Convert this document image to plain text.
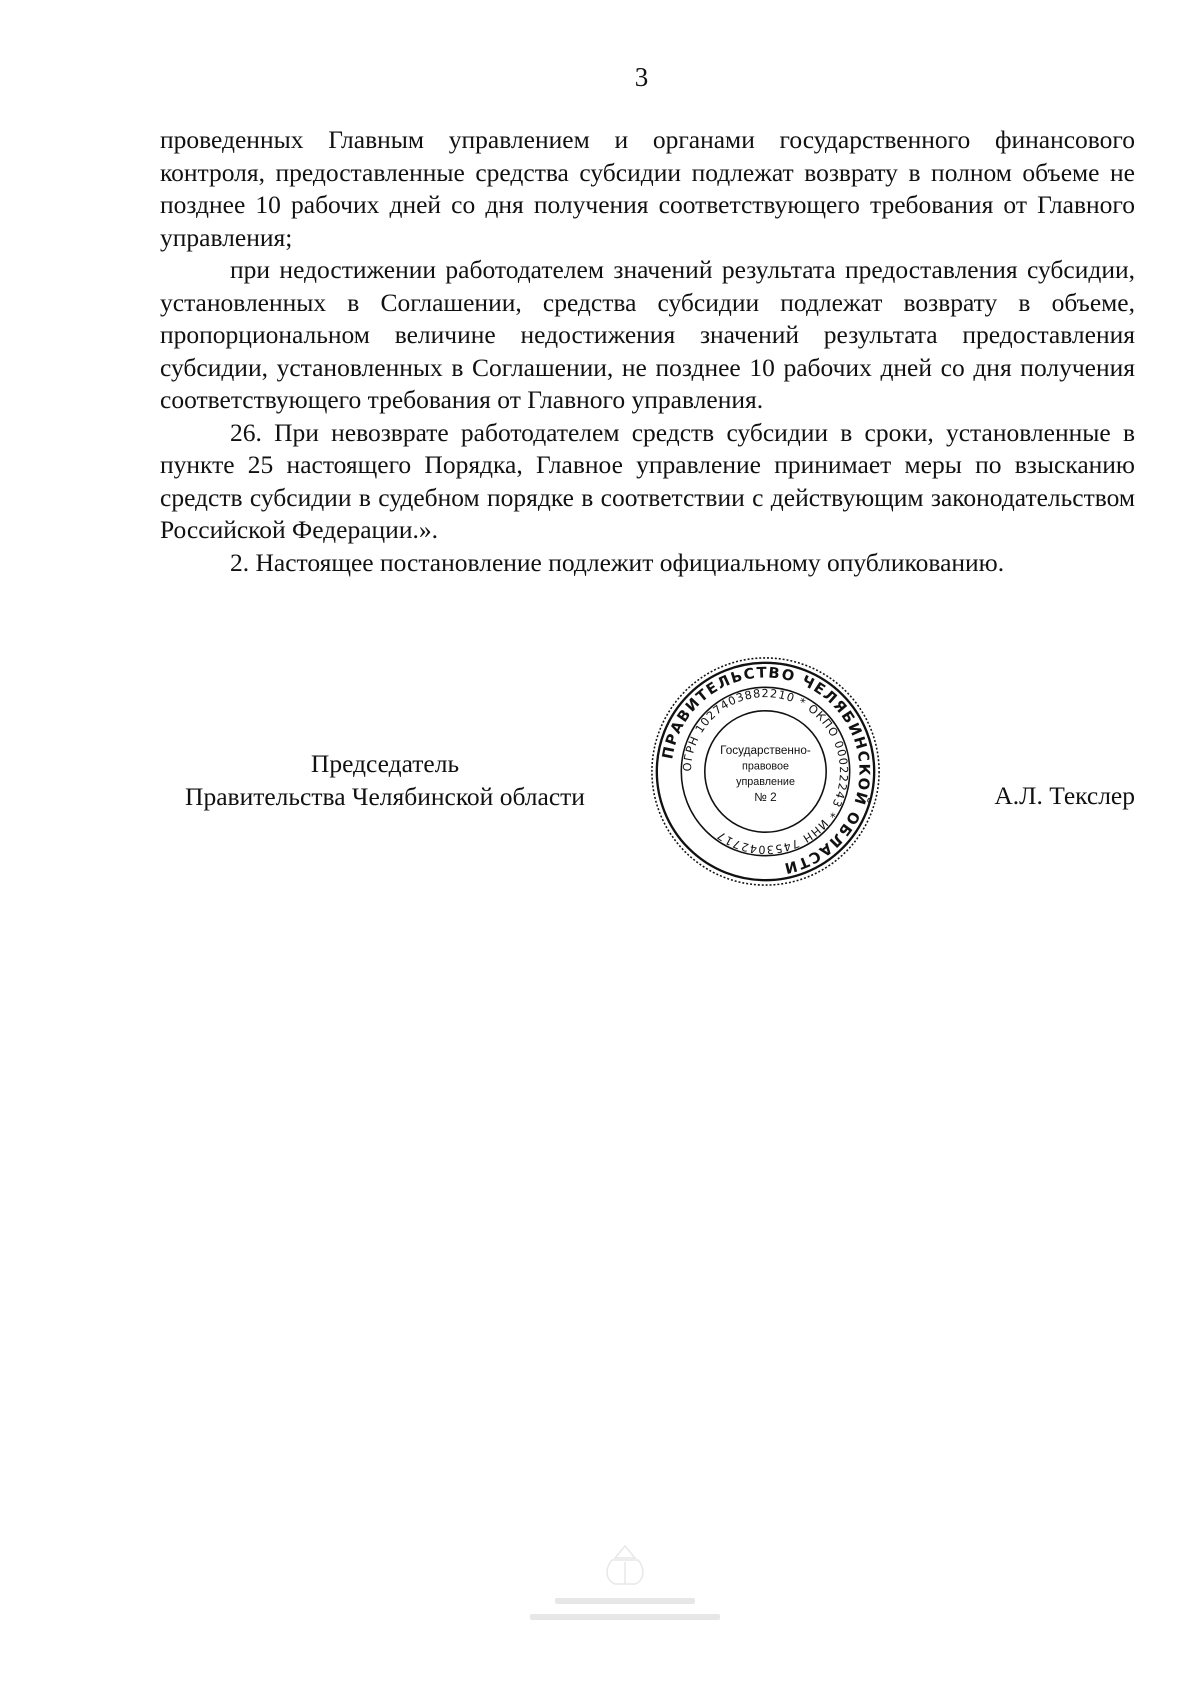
3

проведенных Главным управлением и органами государственного финансового контроля, предоставленные средства субсидии подлежат возврату в полном объеме не позднее 10 рабочих дней со дня получения соответствующего требования от Главного управления;

при недостижении работодателем значений результата предоставления субсидии, установленных в Соглашении, средства субсидии подлежат возврату в объеме, пропорциональном величине недостижения значений результата предоставления субсидии, установленных в Соглашении, не позднее 10 рабочих дней со дня получения соответствующего требования от Главного управления.

26. При невозврате работодателем средств субсидии в сроки, установленные в пункте 25 настоящего Порядка, Главное управление принимает меры по взысканию средств субсидии в судебном порядке в соответствии с действующим законодательством Российской Федерации.».

2. Настоящее постановление подлежит официальному опубликованию.

Председатель
Правительства Челябинской области	А.Л. Текслер
ПРАВИТЕЛЬСТВО ЧЕЛЯБИНСКОЙ ОБЛАСТИ
ОГРН 1027403882210 * ОКПО 00022243 * ИНН 7453042717
Государственно-
правовое
управление
№ 2
